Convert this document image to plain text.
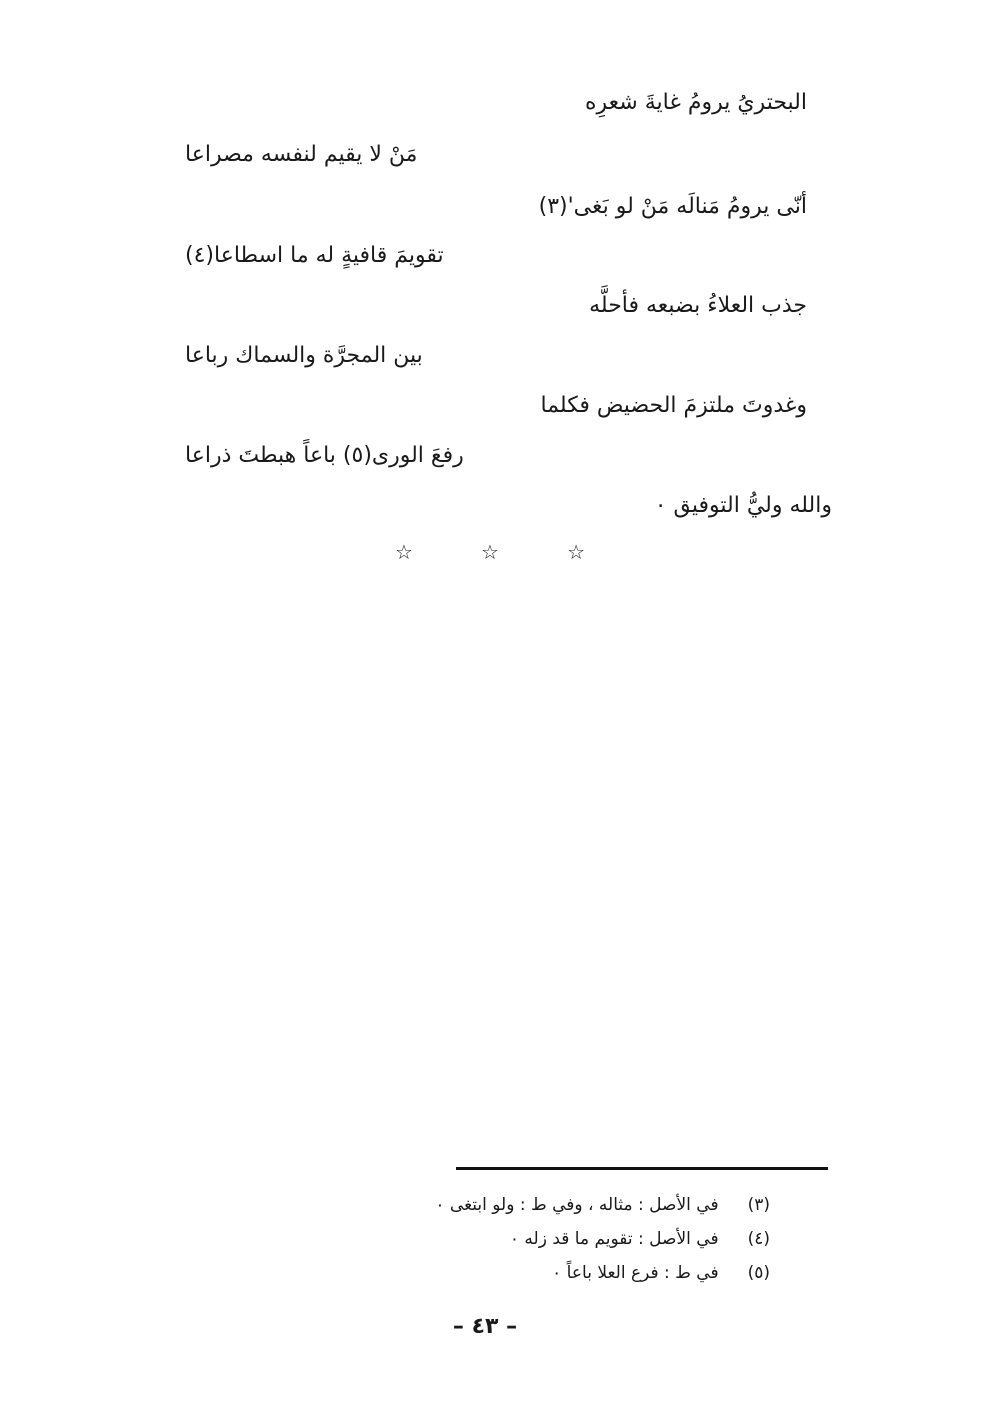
البحتريُ يرومُ غايةَ شعرِه
مَنْ لا يقيم لنفسه مصراعا
أنّى يرومُ مَنالَه مَنْ لو بَغى'(٣)
تقويمَ قافيةٍ له ما اسطاعا(٤)
جذب العلاءُ بضبعه فأحلَّه
بين المجرَّة والسماك رباعا
وغدوتَ ملتزمَ الحضيض فكلما
رفعَ الورى(٥) باعاً هبطتَ ذراعا
والله وليُّ التوفيق ٠
☆	☆	☆
(٣) في الأصل : مثاله ، وفي ط : ولو ابتغى ٠
(٤) في الأصل : تقويم ما قد زله ٠
(٥) في ط : فرع العلا باعاً ٠
– ٤٣ –
